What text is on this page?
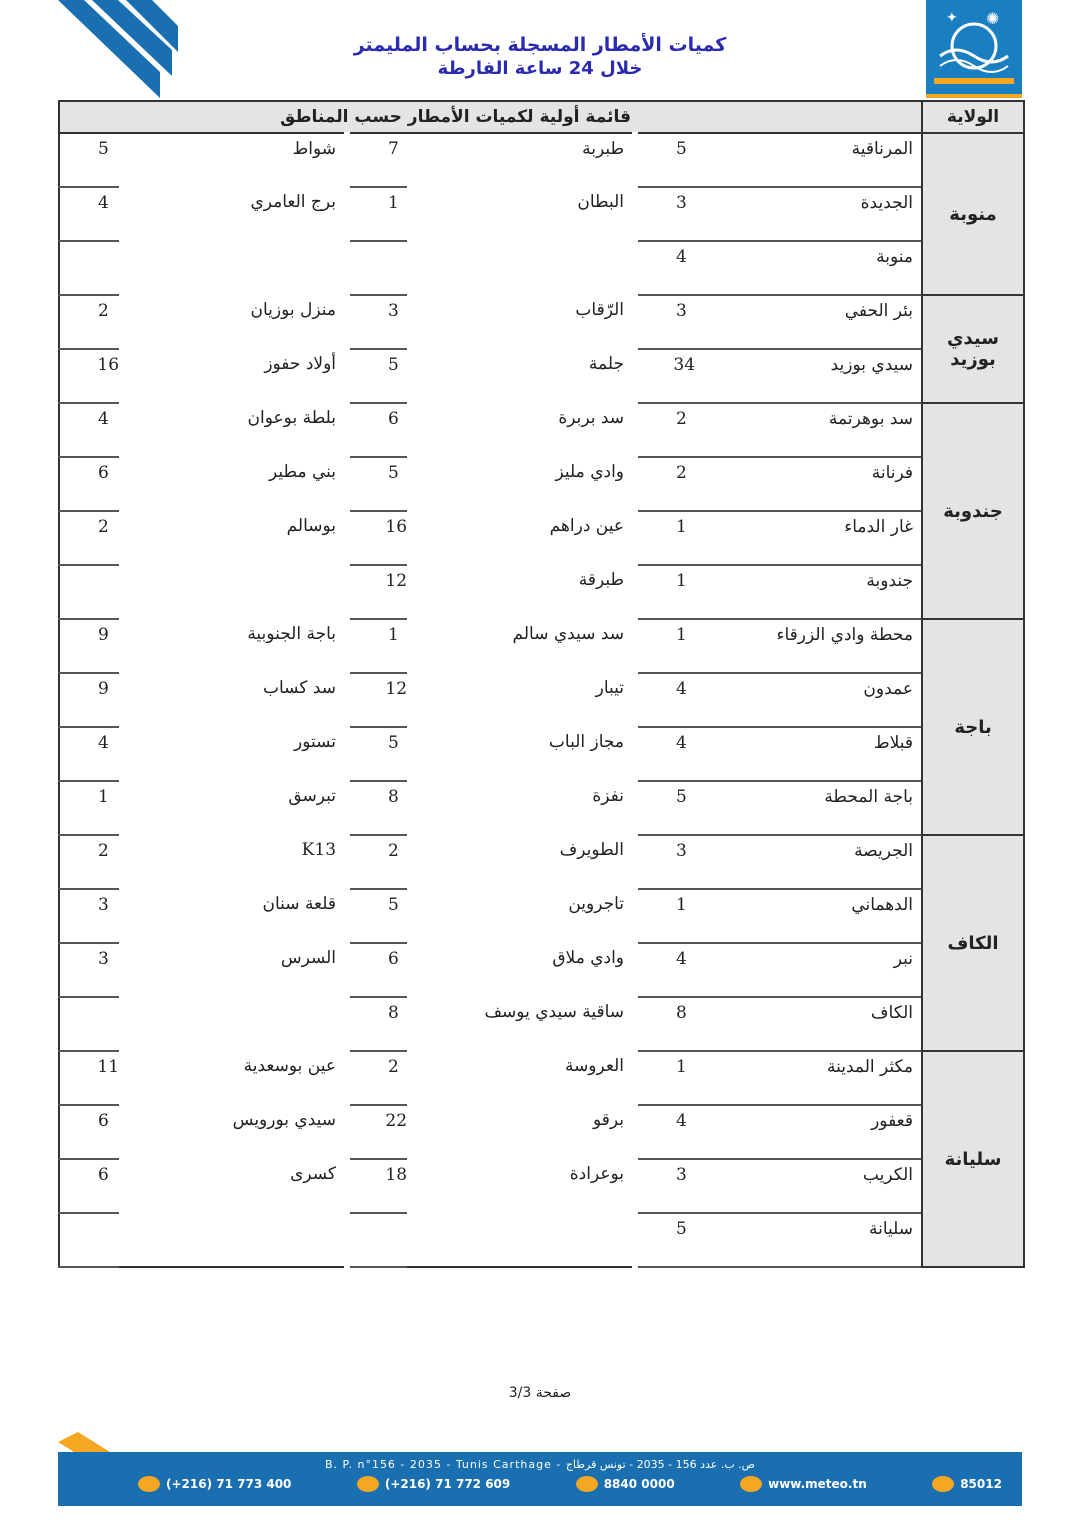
✦ ✺
كميات الأمطار المسجلة بحساب المليمتر
خلال 24 ساعة الفارطة
الولاية	قائمة أولية لكميات الأمطار حسب المناطق					
منوبة	المرناقية	5	طبربة	7	شواط	5
	الجديدة	3	البطان	1	برج العامري	4
	منوبة	4				
سيدي بوزيد	بئر الحفي	3	الرّقاب	3	منزل بوزيان	2
	سيدي بوزيد	34	جلمة	5	أولاد حفوز	16
جندوبة	سد بوهرتمة	2	سد بربرة	6	بلطة بوعوان	4
	فرنانة	2	وادي مليز	5	بني مطير	6
	غار الدماء	1	عين دراهم	16	بوسالم	2
	جندوبة	1	طبرقة	12		
باجة	محطة وادي الزرقاء	1	سد سيدي سالم	1	باجة الجنوبية	9
	عمدون	4	تيبار	12	سد كساب	9
	قبلاط	4	مجاز الباب	5	تستور	4
	باجة المحطة	5	نفزة	8	تبرسق	1
الكاف	الجريصة	3	الطويرف	2	K13	2
	الدهماني	1	تاجروين	5	قلعة سنان	3
	نبر	4	وادي ملاق	6	السرس	3
	الكاف	8	ساقية سيدي يوسف	8		
سليانة	مكثر المدينة	1	العروسة	2	عين بوسعدية	11
	قعفور	4	برقو	22	سيدي بورويس	6
	الكريب	3	بوعرادة	18	كسرى	6
	سليانة	5				
صفحة 3/3
B. P. n°156 - 2035 - Tunis Carthage - ص. ب. عدد 156 - 2035 - تونس قرطاج
(+216) 71 773 400	(+216) 71 772 609	8840 0000	www.meteo.tn	85012
